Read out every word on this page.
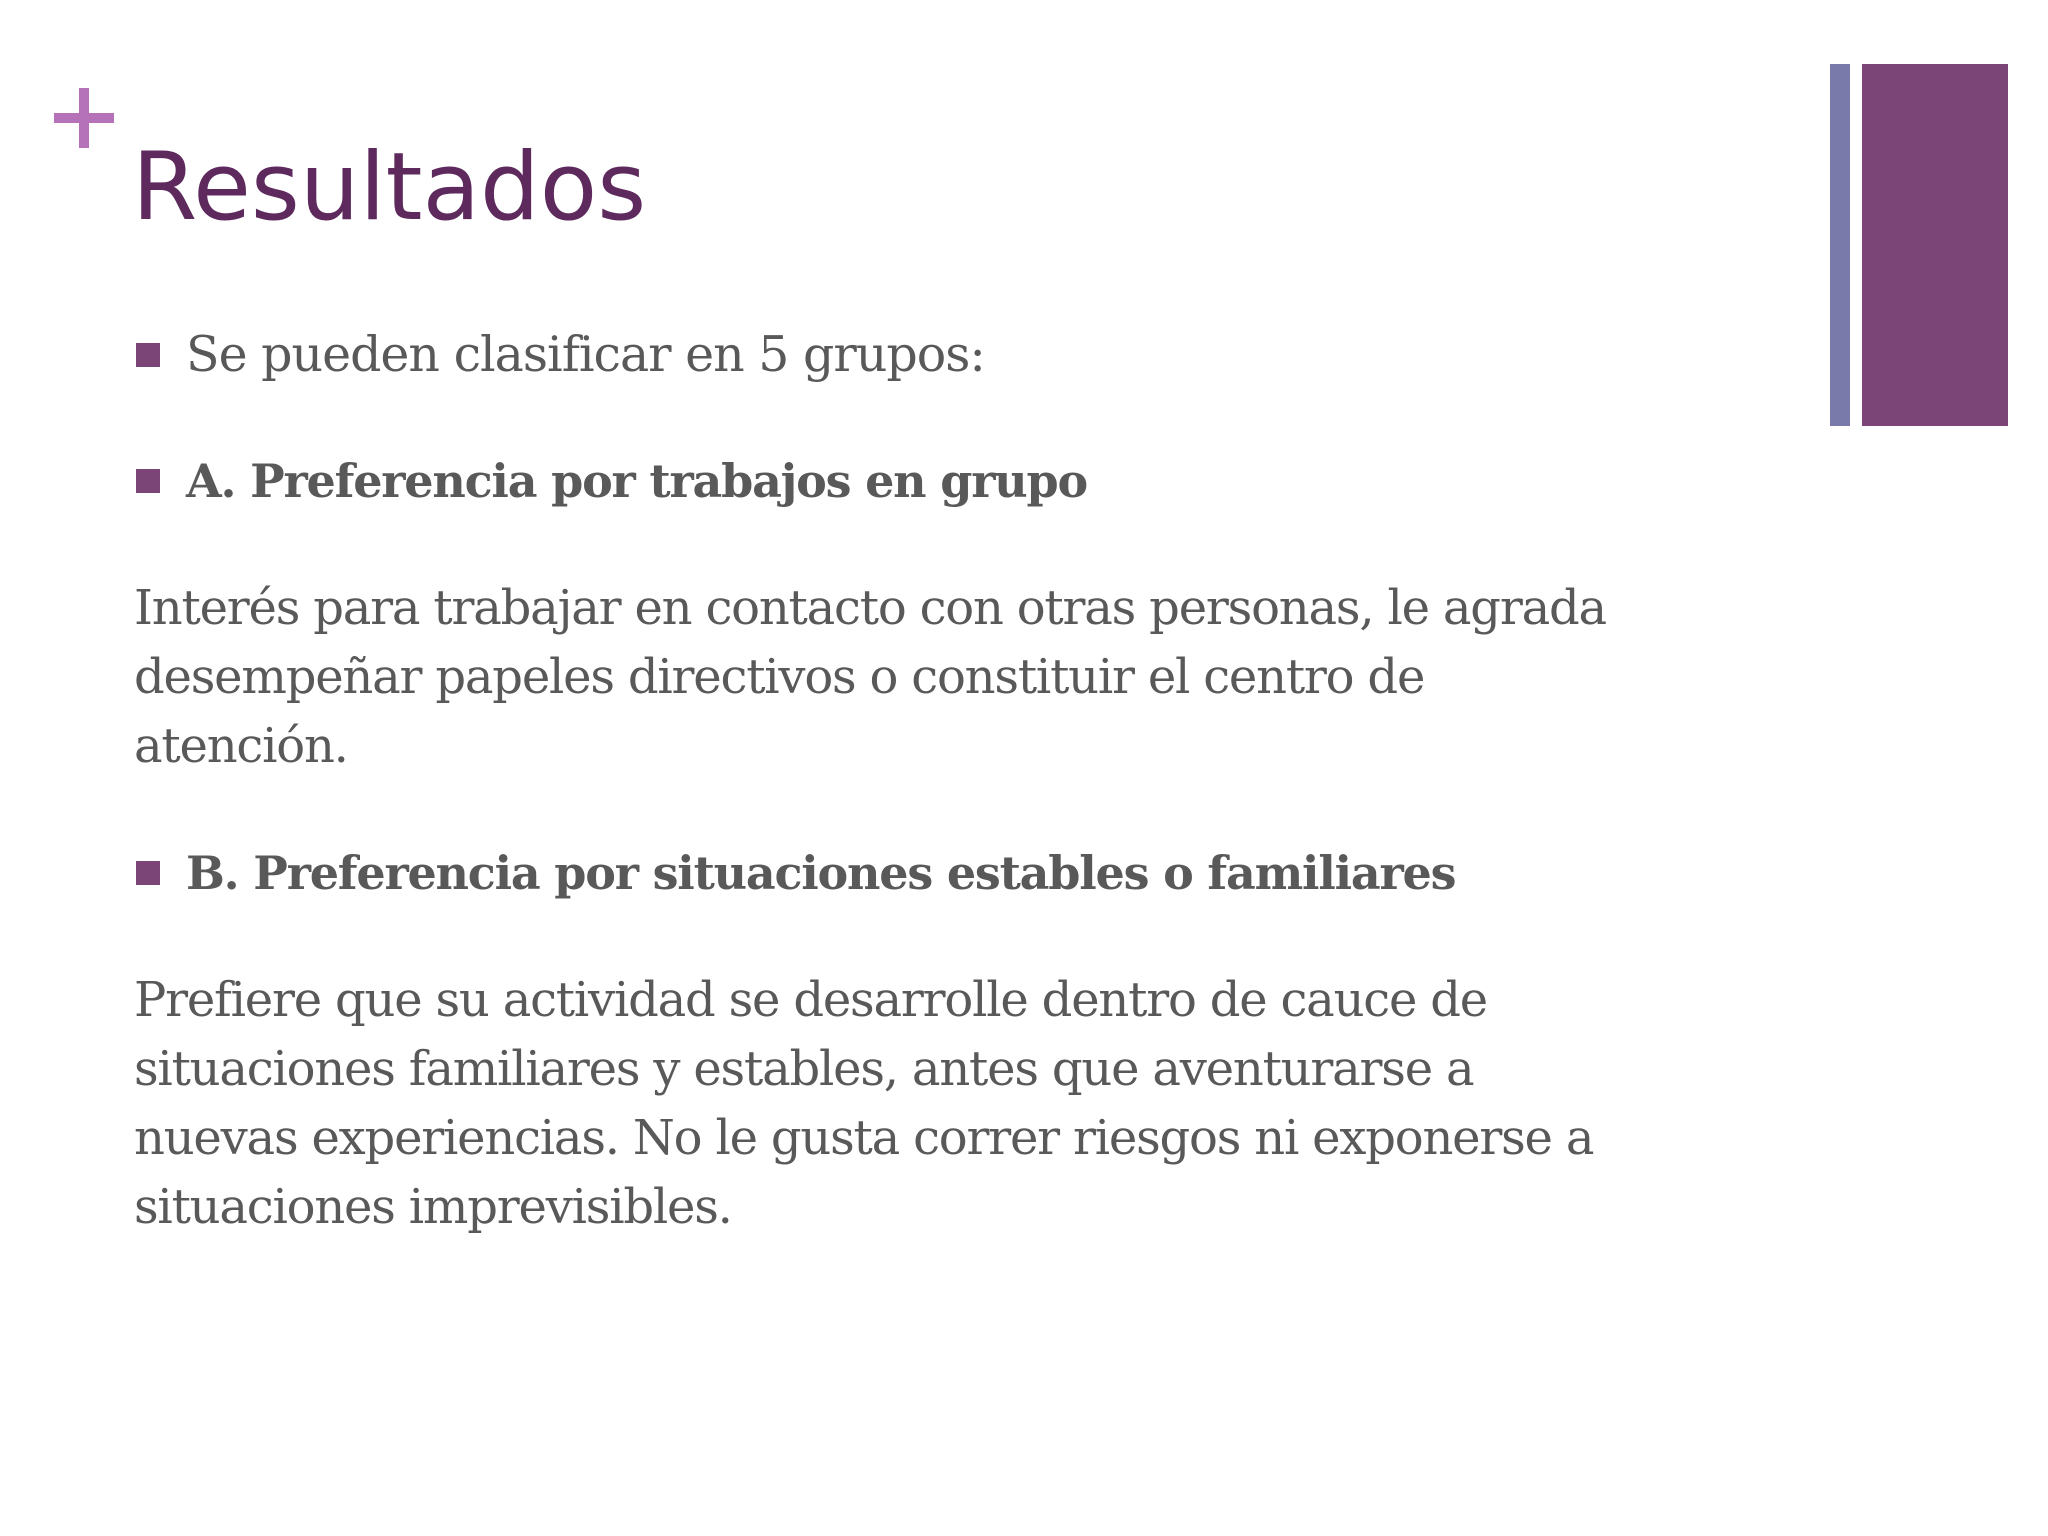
Resultados
Se pueden clasificar en 5 grupos:
A. Preferencia por trabajos en grupo

Interés para trabajar en contacto con otras personas, le agrada
desempeñar papeles directivos o constituir el centro de
atención.

B. Preferencia por situaciones estables o familiares

Prefiere que su actividad se desarrolle dentro de cauce de
situaciones familiares y estables, antes que aventurarse a
nuevas experiencias. No le gusta correr riesgos ni exponerse a
situaciones imprevisibles.
